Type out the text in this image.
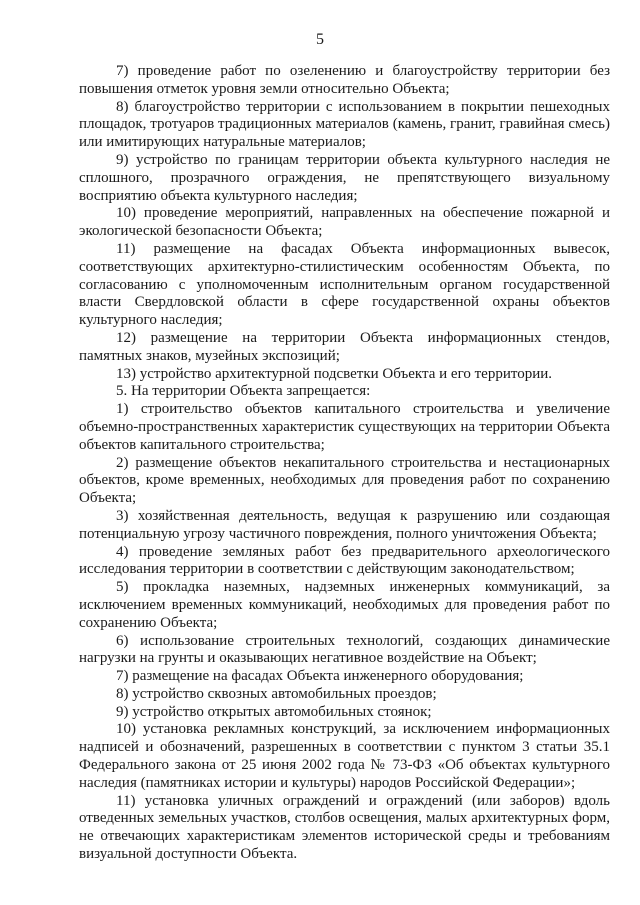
5

7) проведение работ по озеленению и благоустройству территории без повышения отметок уровня земли относительно Объекта;

8) благоустройство территории с использованием в покрытии пешеходных площадок, тротуаров традиционных материалов (камень, гранит, гравийная смесь) или имитирующих натуральные материалов;

9) устройство по границам территории объекта культурного наследия не сплошного, прозрачного ограждения, не препятствующего визуальному восприятию объекта культурного наследия;

10) проведение мероприятий, направленных на обеспечение пожарной и экологической безопасности Объекта;

11) размещение на фасадах Объекта информационных вывесок, соответствующих архитектурно-стилистическим особенностям Объекта, по согласованию с уполномоченным исполнительным органом государственной власти Свердловской области в сфере государственной охраны объектов культурного наследия;

12) размещение на территории Объекта информационных стендов, памятных знаков, музейных экспозиций;

13) устройство архитектурной подсветки Объекта и его территории.

5. На территории Объекта запрещается:

1) строительство объектов капитального строительства и увеличение объемно-пространственных характеристик существующих на территории Объекта объектов капитального строительства;

2) размещение объектов некапитального строительства и нестационарных объектов, кроме временных, необходимых для проведения работ по сохранению Объекта;

3) хозяйственная деятельность, ведущая к разрушению или создающая потенциальную угрозу частичного повреждения, полного уничтожения Объекта;

4) проведение земляных работ без предварительного археологического исследования территории в соответствии с действующим законодательством;

5) прокладка наземных, надземных инженерных коммуникаций, за исключением временных коммуникаций, необходимых для проведения работ по сохранению Объекта;

6) использование строительных технологий, создающих динамические нагрузки на грунты и оказывающих негативное воздействие на Объект;

7) размещение на фасадах Объекта инженерного оборудования;

8) устройство сквозных автомобильных проездов;

9) устройство открытых автомобильных стоянок;

10) установка рекламных конструкций, за исключением информационных надписей и обозначений, разрешенных в соответствии с пунктом 3 статьи 35.1 Федерального закона от 25 июня 2002 года № 73-ФЗ «Об объектах культурного наследия (памятниках истории и культуры) народов Российской Федерации»;

11) установка уличных ограждений и ограждений (или заборов) вдоль отведенных земельных участков, столбов освещения, малых архитектурных форм, не отвечающих характеристикам элементов исторической среды и требованиям визуальной доступности Объекта.
